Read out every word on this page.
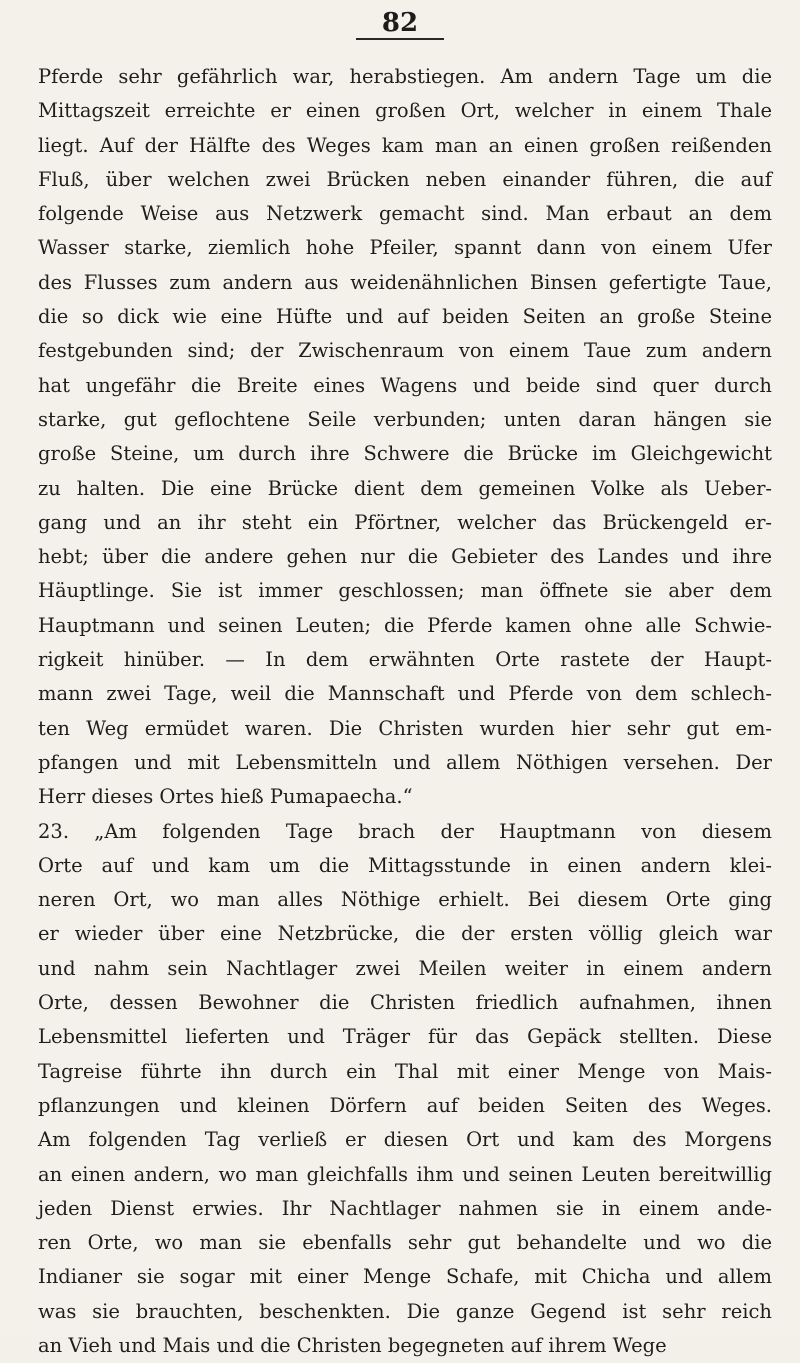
82
Pferde sehr gefährlich war, herabstiegen. Am andern Tage um die
Mittagszeit erreichte er einen großen Ort, welcher in einem Thale
liegt. Auf der Hälfte des Weges kam man an einen großen reißenden
Fluß, über welchen zwei Brücken neben einander führen, die auf
folgende Weise aus Netzwerk gemacht sind. Man erbaut an dem
Wasser starke, ziemlich hohe Pfeiler, spannt dann von einem Ufer
des Flusses zum andern aus weidenähnlichen Binsen gefertigte Taue,
die so dick wie eine Hüfte und auf beiden Seiten an große Steine
festgebunden sind; der Zwischenraum von einem Taue zum andern
hat ungefähr die Breite eines Wagens und beide sind quer durch
starke, gut geflochtene Seile verbunden; unten daran hängen sie
große Steine, um durch ihre Schwere die Brücke im Gleichgewicht
zu halten. Die eine Brücke dient dem gemeinen Volke als Ueber-
gang und an ihr steht ein Pförtner, welcher das Brückengeld er-
hebt; über die andere gehen nur die Gebieter des Landes und ihre
Häuptlinge. Sie ist immer geschlossen; man öffnete sie aber dem
Hauptmann und seinen Leuten; die Pferde kamen ohne alle Schwie-
rigkeit hinüber. — In dem erwähnten Orte rastete der Haupt-
mann zwei Tage, weil die Mannschaft und Pferde von dem schlech-
ten Weg ermüdet waren. Die Christen wurden hier sehr gut em-
pfangen und mit Lebensmitteln und allem Nöthigen versehen. Der
Herr dieses Ortes hieß Pumapaecha.“
23. „Am folgenden Tage brach der Hauptmann von diesem
Orte auf und kam um die Mittagsstunde in einen andern klei-
neren Ort, wo man alles Nöthige erhielt. Bei diesem Orte ging
er wieder über eine Netzbrücke, die der ersten völlig gleich war
und nahm sein Nachtlager zwei Meilen weiter in einem andern
Orte, dessen Bewohner die Christen friedlich aufnahmen, ihnen
Lebensmittel lieferten und Träger für das Gepäck stellten. Diese
Tagreise führte ihn durch ein Thal mit einer Menge von Mais-
pflanzungen und kleinen Dörfern auf beiden Seiten des Weges.
Am folgenden Tag verließ er diesen Ort und kam des Morgens
an einen andern, wo man gleichfalls ihm und seinen Leuten bereitwillig
jeden Dienst erwies. Ihr Nachtlager nahmen sie in einem ande-
ren Orte, wo man sie ebenfalls sehr gut behandelte und wo die
Indianer sie sogar mit einer Menge Schafe, mit Chicha und allem
was sie brauchten, beschenkten. Die ganze Gegend ist sehr reich
an Vieh und Mais und die Christen begegneten auf ihrem Wege
